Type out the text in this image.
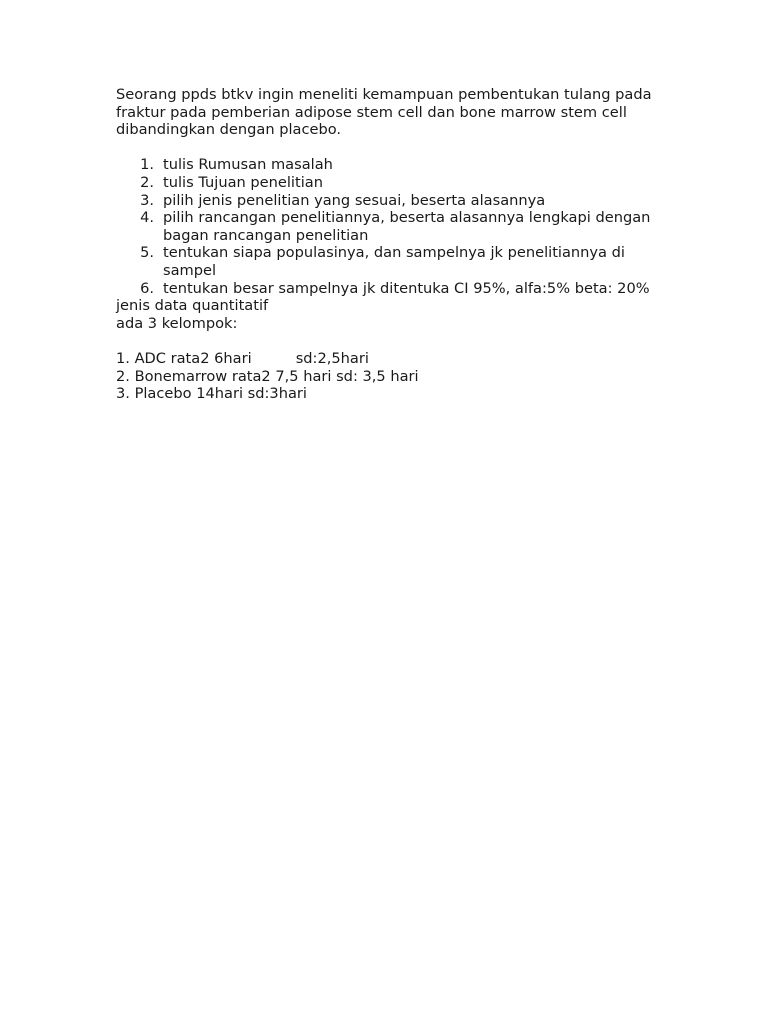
Seorang ppds btkv ingin meneliti kemampuan pembentukan tulang pada fraktur pada pemberian adipose stem cell dan bone marrow stem cell dibandingkan dengan placebo.

1. tulis Rumusan masalah
2. tulis Tujuan penelitian
3. pilih jenis penelitian yang sesuai, beserta alasannya
4. pilih rancangan penelitiannya, beserta alasannya lengkapi dengan bagan rancangan penelitian
5. tentukan siapa populasinya, dan sampelnya jk penelitiannya di sampel
6. tentukan besar sampelnya jk ditentuka CI 95%, alfa:5% beta: 20%

jenis data quantitatif

ada 3 kelompok:

1. ADC rata2 6hari	sd:2,5hari

2. Bonemarrow rata2 7,5 hari sd: 3,5 hari

3. Placebo 14hari sd:3hari
